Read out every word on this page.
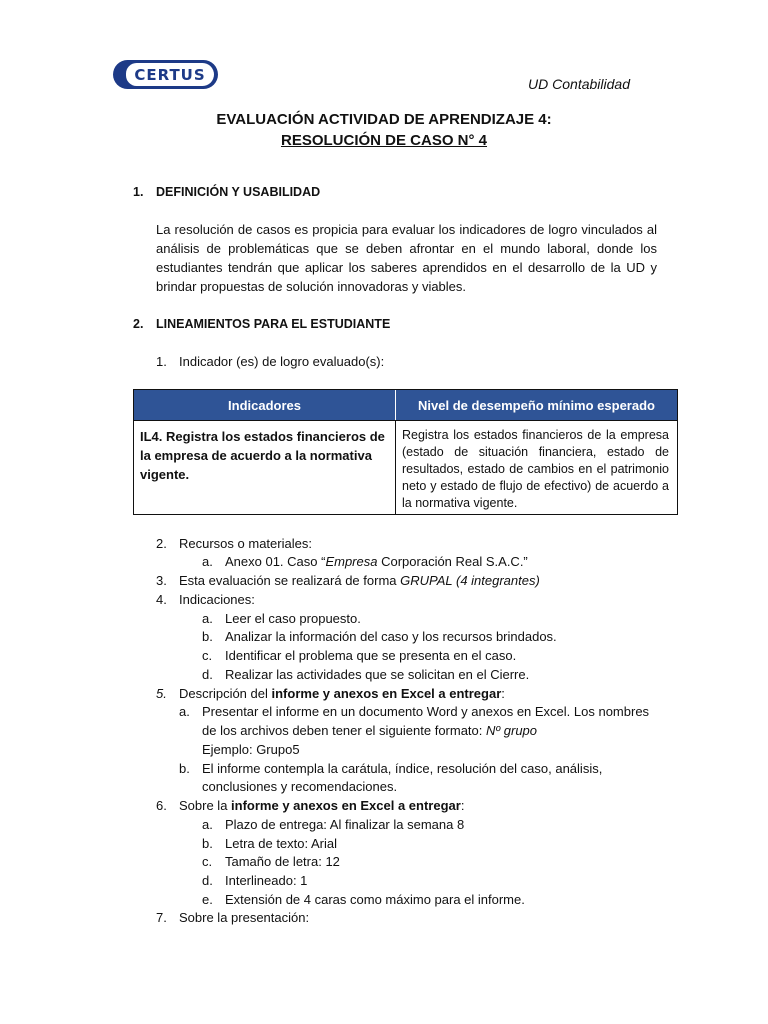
CERTUS
UD Contabilidad
EVALUACIÓN ACTIVIDAD DE APRENDIZAJE 4:
RESOLUCIÓN DE CASO N° 4
1. DEFINICIÓN Y USABILIDAD
La resolución de casos es propicia para evaluar los indicadores de logro vinculados al análisis de problemáticas que se deben afrontar en el mundo laboral, donde los estudiantes tendrán que aplicar los saberes aprendidos en el desarrollo de la UD y brindar propuestas de solución innovadoras y viables.
2. LINEAMIENTOS PARA EL ESTUDIANTE
1. Indicador (es) de logro evaluado(s):
Indicadores	Nivel de desempeño mínimo esperado
IL4. Registra los estados financieros de la empresa de acuerdo a la normativa vigente.
Registra los estados financieros de la empresa (estado de situación financiera, estado de resultados, estado de cambios en el patrimonio neto y estado de flujo de efectivo) de acuerdo a la normativa vigente.
2. Recursos o materiales:
a. Anexo 01. Caso “Empresa Corporación Real S.A.C.”
3. Esta evaluación se realizará de forma GRUPAL (4 integrantes)
4. Indicaciones:
a. Leer el caso propuesto.
b. Analizar la información del caso y los recursos brindados.
c. Identificar el problema que se presenta en el caso.
d. Realizar las actividades que se solicitan en el Cierre.
5. Descripción del informe y anexos en Excel a entregar:
a. Presentar el informe en un documento Word y anexos en Excel. Los nombres
de los archivos deben tener el siguiente formato: Nº grupo
Ejemplo: Grupo5
b. El informe contempla la carátula, índice, resolución del caso, análisis,
conclusiones y recomendaciones.
6. Sobre la informe y anexos en Excel a entregar:
a. Plazo de entrega: Al finalizar la semana 8
b. Letra de texto: Arial
c. Tamaño de letra: 12
d. Interlineado: 1
e. Extensión de 4 caras como máximo para el informe.
7. Sobre la presentación:
